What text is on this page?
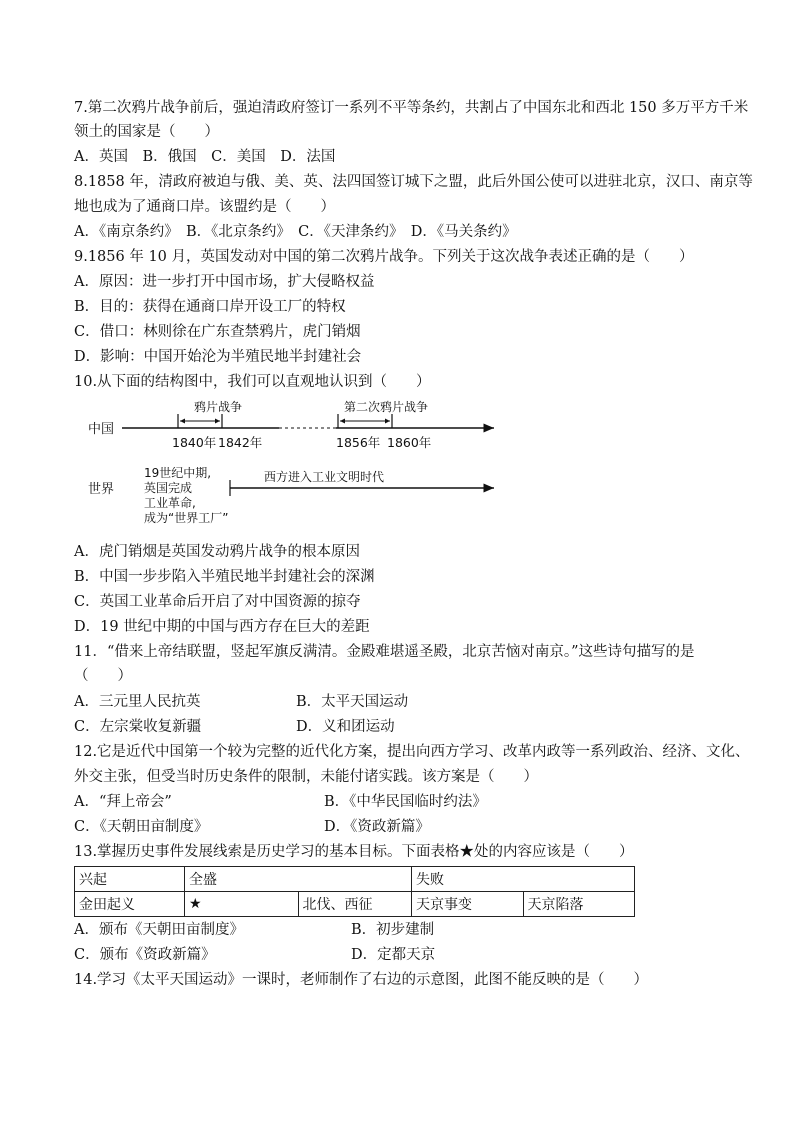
7.第二次鸦片战争前后，强迫清政府签订一系列不平等条约，共割占了中国东北和西北 150 多万平方千米
领土的国家是（　　）
A．英国　B．俄国　C．美国　D．法国
8.1858 年，清政府被迫与俄、美、英、法四国签订城下之盟，此后外国公使可以进驻北京，汉口、南京等
地也成为了通商口岸。该盟约是（　　）
A．《南京条约》　B．《北京条约》　C．《天津条约》　D．《马关条约》
9.1856 年 10 月，英国发动对中国的第二次鸦片战争。下列关于这次战争表述正确的是（　　）
A．原因：进一步打开中国市场，扩大侵略权益
B．目的：获得在通商口岸开设工厂的特权
C．借口：林则徐在广东查禁鸦片，虎门销烟
D．影响：中国开始沦为半殖民地半封建社会
10.从下面的结构图中，我们可以直观地认识到（　　）
中国
鸦片战争	第二次鸦片战争
1840年 1842年	1856年 1860年
世界
19世纪中期,
英国完成
工业革命,
成为“世界工厂”
西方进入工业文明时代
A．虎门销烟是英国发动鸦片战争的根本原因
B．中国一步步陷入半殖民地半封建社会的深渊
C．英国工业革命后开启了对中国资源的掠夺
D．19 世纪中期的中国与西方存在巨大的差距
11．“借来上帝结联盟，竖起军旗反满清。金殿难堪遥圣殿，北京苦恼对南京。”这些诗句描写的是
（　　）
A．三元里人民抗英	B．太平天国运动
C．左宗棠收复新疆	D．义和团运动
12.它是近代中国第一个较为完整的近代化方案，提出向西方学习、改革内政等一系列政治、经济、文化、
外交主张，但受当时历史条件的限制，未能付诸实践。该方案是（　　）
A．“拜上帝会”	B．《中华民国临时约法》
C．《天朝田亩制度》	D．《资政新篇》
13.掌握历史事件发展线索是历史学习的基本目标。下面表格★处的内容应该是（　　）
兴起	全盛		失败	
金田起义	★	北伐、西征	天京事变	天京陷落
A．颁布《天朝田亩制度》	B．初步建制
C．颁布《资政新篇》	D．定都天京
14.学习《太平天国运动》一课时，老师制作了右边的示意图，此图不能反映的是（　　）
